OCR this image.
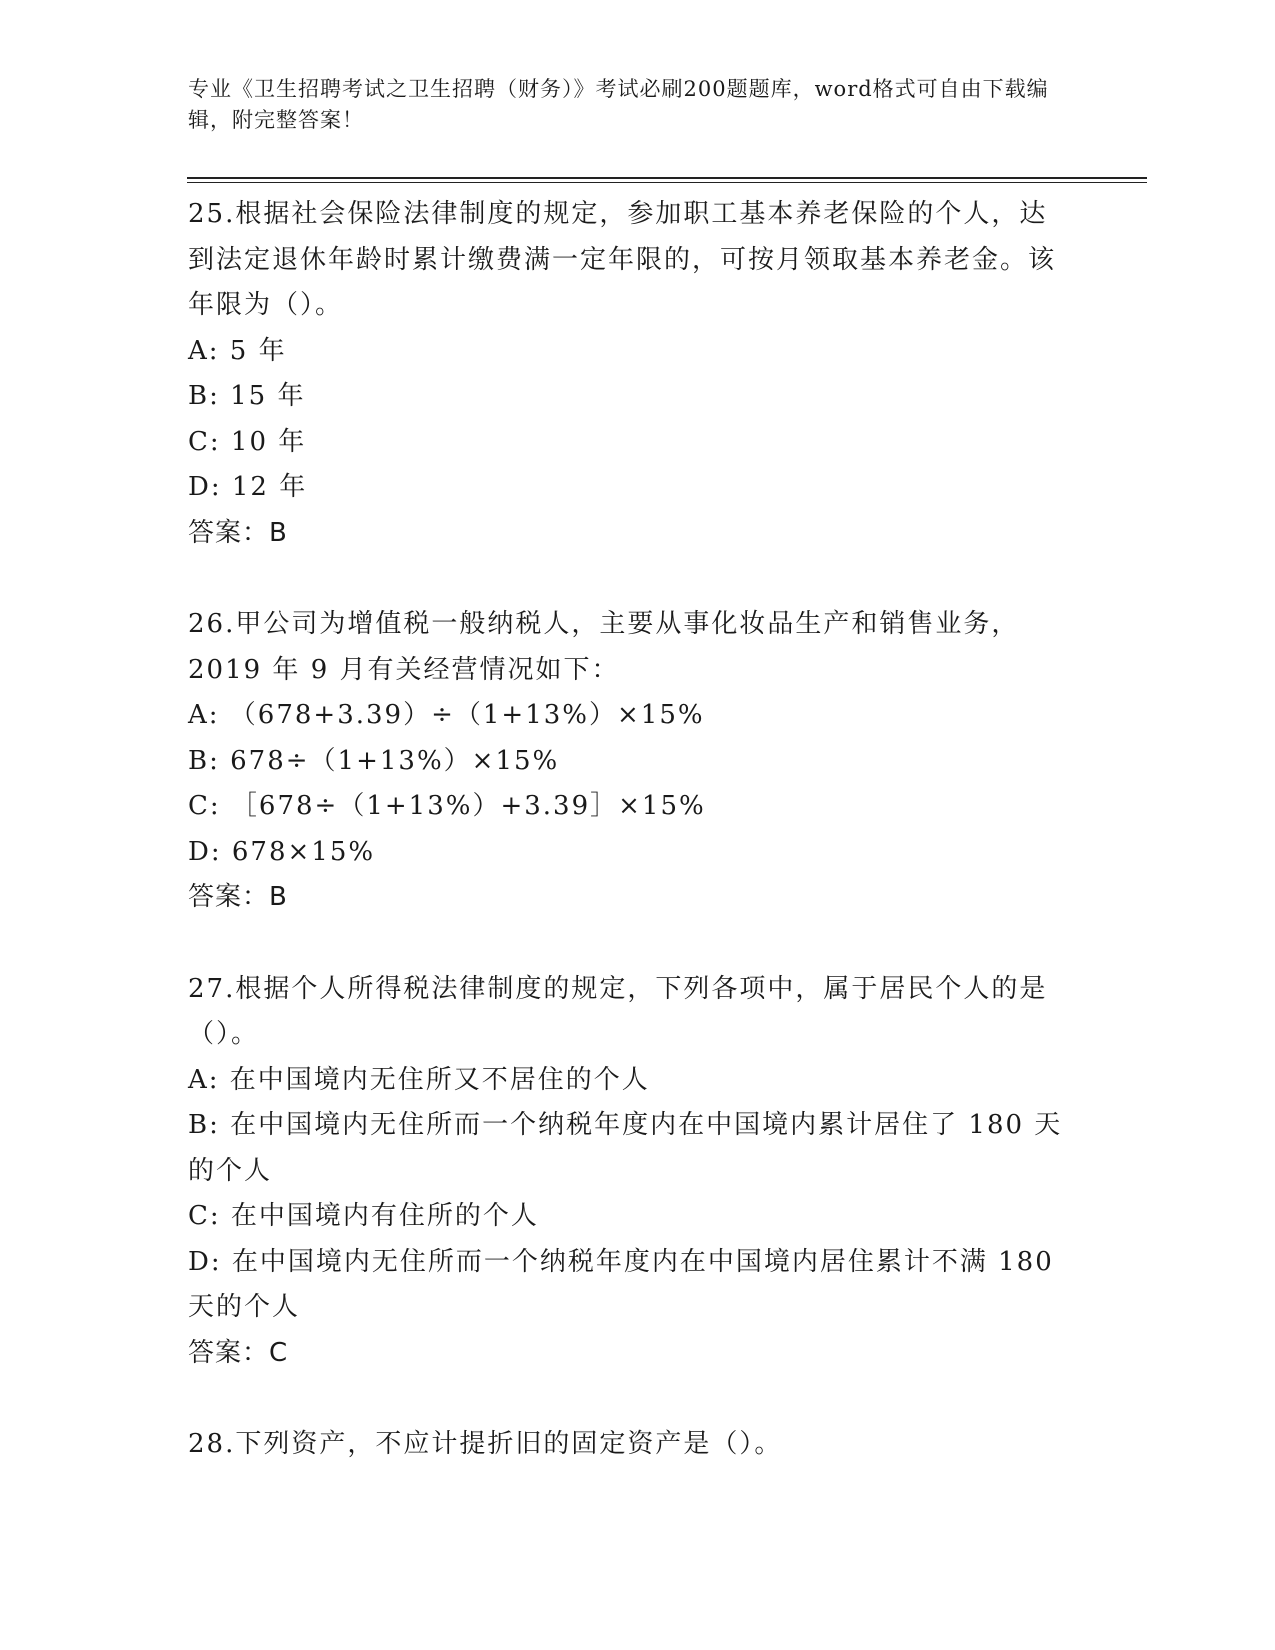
专业《卫生招聘考试之卫生招聘（财务）》考试必刷200题题库，word格式可自由下载编辑，附完整答案！
25.根据社会保险法律制度的规定，参加职工基本养老保险的个人，达到法定退休年龄时累计缴费满一定年限的，可按月领取基本养老金。该年限为（）。
A: 5 年
B: 15 年
C: 10 年
D: 12 年
答案：B
26.甲公司为增值税一般纳税人，主要从事化妆品生产和销售业务，2019 年 9 月有关经营情况如下：
A: （678+3.39）÷（1+13%）×15%
B: 678÷（1+13%）×15%
C: ［678÷（1+13%）+3.39］×15%
D: 678×15%
答案：B
27.根据个人所得税法律制度的规定，下列各项中，属于居民个人的是（）。
A: 在中国境内无住所又不居住的个人
B: 在中国境内无住所而一个纳税年度内在中国境内累计居住了 180 天的个人
C: 在中国境内有住所的个人
D: 在中国境内无住所而一个纳税年度内在中国境内居住累计不满 180 天的个人
答案：C
28.下列资产，不应计提折旧的固定资产是（）。
